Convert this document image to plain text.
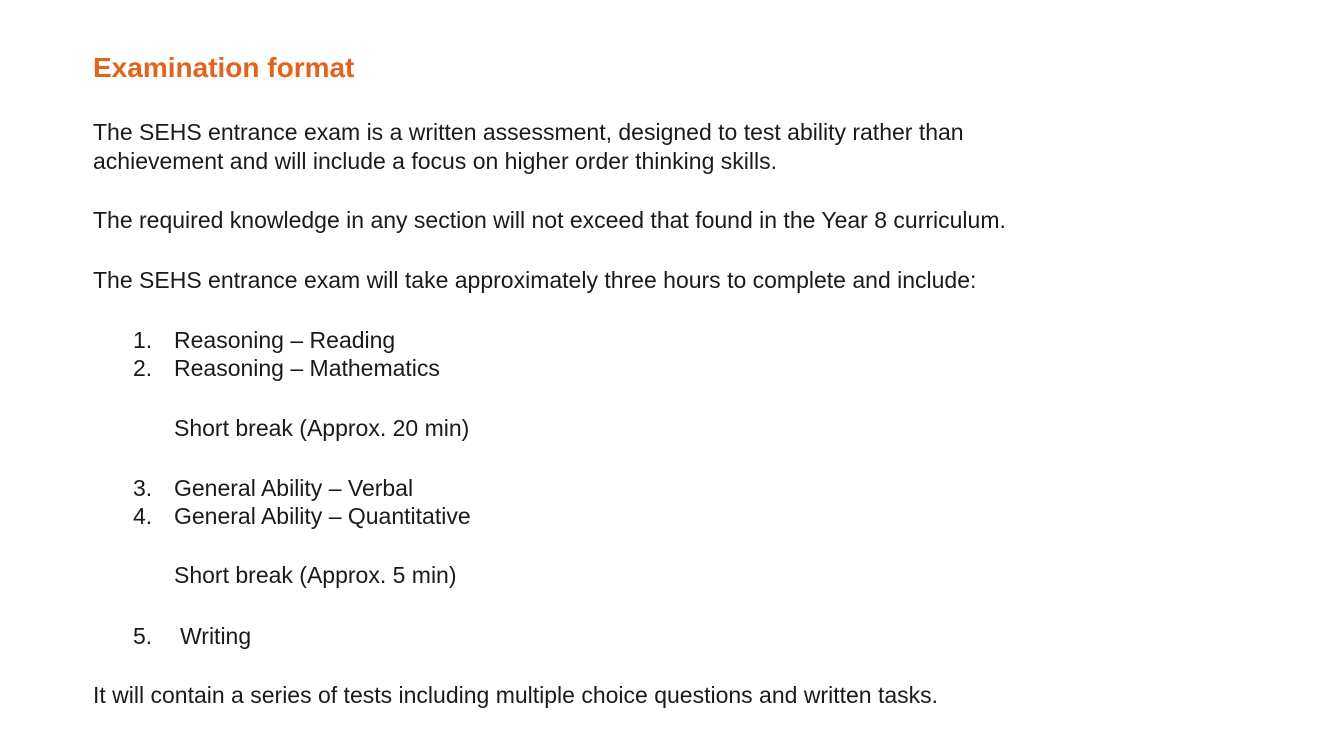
Examination format

The SEHS entrance exam is a written assessment, designed to test ability rather than achievement and will include a focus on higher order thinking skills.

The required knowledge in any section will not exceed that found in the Year 8 curriculum.

The SEHS entrance exam will take approximately three hours to complete and include:

1. Reasoning – Reading
2. Reasoning – Mathematics
Short break (Approx. 20 min)
3. General Ability – Verbal
4. General Ability – Quantitative
Short break (Approx. 5 min)
5. Writing

It will contain a series of tests including multiple choice questions and written tasks.
